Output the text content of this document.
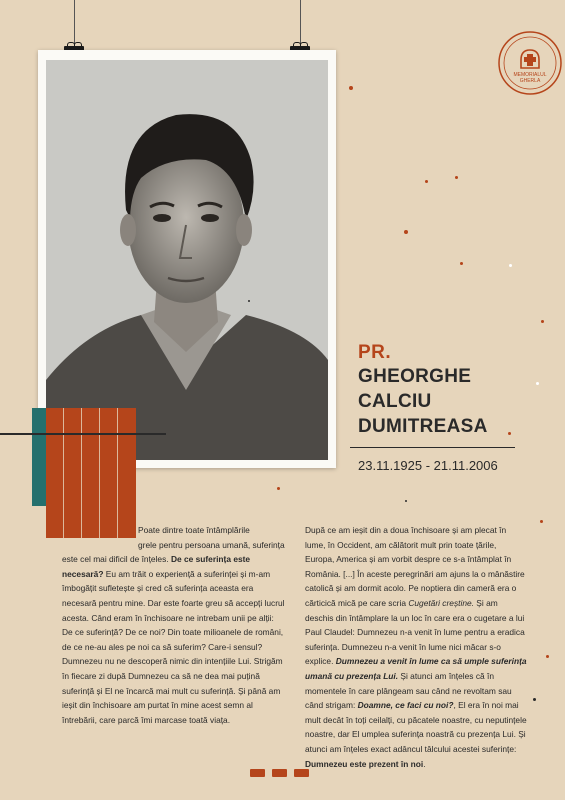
MEMORIALUL
GHERLA
PR.
GHEORGHE
CALCIU
DUMITREASA
23.11.1925 - 21.11.2006
Poate dintre toate întâmplările
grele pentru persoana umană, suferința este cel mai dificil de înțeles. De ce suferința este necesară? Eu am trăit o experiență a suferinței și m-am îmbogățit sufletește și cred că suferința aceasta era necesară pentru mine. Dar este foarte greu să accepți lucrul acesta. Când eram în închisoare ne intrebam unii pe alții: De ce suferință? De ce noi? Din toate milioanele de români, de ce ne-au ales pe noi ca să suferim? Care-i sensul? Dumnezeu nu ne descoperă nimic din intențiile Lui. Strigăm în fiecare zi după Dumnezeu ca să ne dea mai puțină suferință și El ne încarcă mai mult cu suferință. Și până am ieșit din închisoare am purtat în mine acest semn al întrebării, care parcă îmi marcase toată viața.
După ce am ieșit din a doua închisoare și am plecat în lume, în Occident, am călătorit mult prin toate țările, Europa, America și am vorbit despre ce s-a întâmplat în România. [...] În aceste peregrinări am ajuns la o mânăstire catolică și am dormit acolo. Pe noptiera din cameră era o cărticică mică pe care scria Cugetări creștine. Și am deschis din întâmplare la un loc în care era o cugetare a lui Paul Claudel: Dumnezeu n-a venit în lume pentru a eradica suferința. Dumnezeu n-a venit în lume nici măcar s-o explice. Dumnezeu a venit în lume ca să umple suferința umană cu prezența Lui. Și atunci am înțeles că în momentele în care plângeam sau când ne revoltam sau când strigam: Doamne, ce faci cu noi?, El era în noi mai mult decât în toți ceilalți, cu păcatele noastre, cu neputințele noastre, dar El umplea suferința noastră cu prezența Lui. Și atunci am înțeles exact adâncul tâlcului acestei suferințe: Dumnezeu este prezent în noi.
